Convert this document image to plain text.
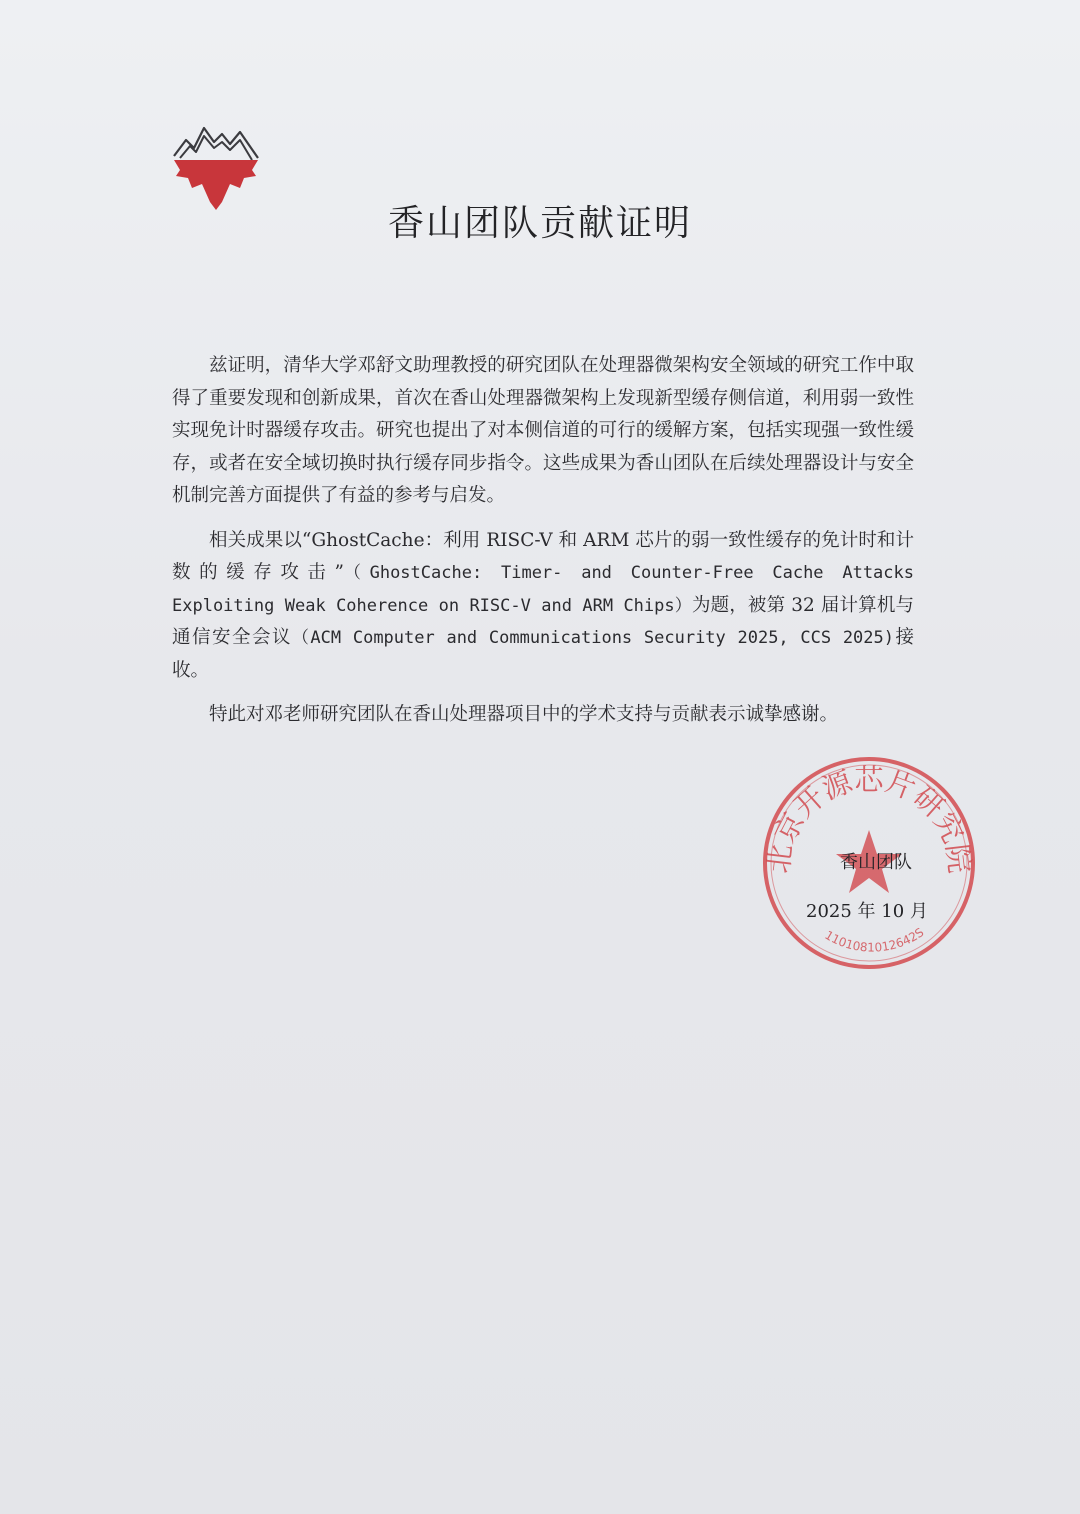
香山团队贡献证明

兹证明，清华大学邓舒文助理教授的研究团队在处理器微架构安全领域的研究工作中取得了重要发现和创新成果，首次在香山处理器微架构上发现新型缓存侧信道，利用弱一致性实现免计时器缓存攻击。研究也提出了对本侧信道的可行的缓解方案，包括实现强一致性缓存，或者在安全域切换时执行缓存同步指令。这些成果为香山团队在后续处理器设计与安全机制完善方面提供了有益的参考与启发。

相关成果以“GhostCache：利用 RISC-V 和 ARM 芯片的弱一致性缓存的免计时和计数的缓存攻击”（GhostCache: Timer- and Counter-Free Cache Attacks Exploiting Weak Coherence on RISC-V and ARM Chips）为题，被第 32 届计算机与通信安全会议（ACM Computer and Communications Security 2025, CCS 2025)接收。

特此对邓老师研究团队在香山处理器项目中的学术支持与贡献表示诚挚感谢。

北京开源芯片研究院
1101081012642S
香山团队
2025 年 10 月
